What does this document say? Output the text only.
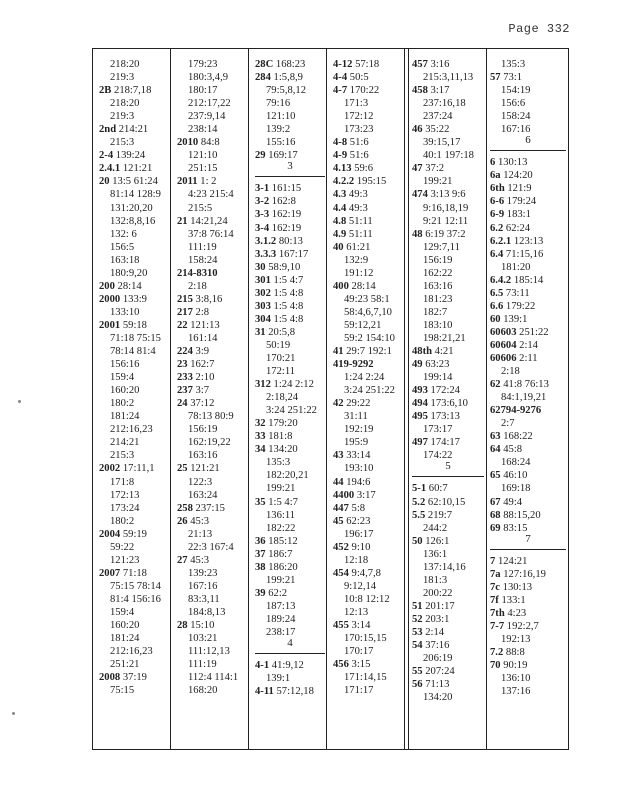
Page 332
218:20
219:3
2B 218:7,18
218:20
219:3
2nd 214:21
215:3
2-4 139:24
2.4.1 121:21
20 13:5 61:24
81:14 128:9
131:20,20
132:8,8,16
132: 6
156:5
163:18
180:9,20
200 28:14
2000 133:9
133:10
2001 59:18
71:18 75:15
78:14 81:4
156:16
159:4
160:20
180:2
181:24
212:16,23
214:21
215:3
2002 17:11,1
171:8
172:13
173:24
180:2
2004 59:19
59:22
121:23
2007 71:18
75:15 78:14
81:4 156:16
159:4
160:20
181:24
212:16,23
251:21
2008 37:19
75:15
179:23
180:3,4,9
180:17
212:17,22
237:9,14
238:14
2010 84:8
121:10
251:15
2011 1: 2
4:23 215:4
215:5
21 14:21,24
37:8 76:14
111:19
158:24
214-8310
2:18
215 3:8,16
217 2:8
22 121:13
161:14
224 3:9
23 162:7
233 2:10
237 3:7
24 37:12
78:13 80:9
156:19
162:19,22
163:16
25 121:21
122:3
163:24
258 237:15
26 45:3
21:13
22:3 167:4
27 45:3
139:23
167:16
83:3,11
184:8,13
28 15:10
103:21
111:12,13
111:19
112:4 114:1
168:20
28C 168:23
284 1:5,8,9
79:5,8,12
79:16
121:10
139:2
155:16
29 169:17
3
3-1 161:15
3-2 162:8
3-3 162:19
3-4 162:19
3.1.2 80:13
3.3.3 167:17
30 58:9,10
301 1:5 4:7
302 1:5 4:8
303 1:5 4:8
304 1:5 4:8
31 20:5,8
50:19
170:21
172:11
312 1:24 2:12
2:18,24
3:24 251:22
32 179:20
33 181:8
34 134:20
135:3
182:20,21
199:21
35 1:5 4:7
136:11
182:22
36 185:12
37 186:7
38 186:20
199:21
39 62:2
187:13
189:24
238:17
4
4-1 41:9,12
139:1
4-11 57:12,18
4-12 57:18
4-4 50:5
4-7 170:22
171:3
172:12
173:23
4-8 51:6
4-9 51:6
4.13 59:6
4.2.2 195:15
4.3 49:3
4.4 49:3
4.8 51:11
4.9 51:11
40 61:21
132:9
191:12
400 28:14
49:23 58:1
58:4,6,7,10
59:12,21
59:2 154:10
41 29:7 192:1
419-9292
1:24 2:24
3:24 251:22
42 29:22
31:11
192:19
195:9
43 33:14
193:10
44 194:6
4400 3:17
447 5:8
45 62:23
196:17
452 9:10
12:18
454 9:4,7,8
9:12,14
10:8 12:12
12:13
455 3:14
170:15,15
170:17
456 3:15
171:14,15
171:17
457 3:16
215:3,11,13
458 3:17
237:16,18
237:24
46 35:22
39:15,17
40:1 197:18
47 37:2
199:21
474 3:13 9:6
9:16,18,19
9:21 12:11
48 6:19 37:2
129:7,11
156:19
162:22
163:16
181:23
182:7
183:10
198:21,21
48th 4:21
49 63:23
199:14
493 172:24
494 173:6,10
495 173:13
173:17
497 174:17
174:22
5
5-1 60:7
5.2 62:10,15
5.5 219:7
244:2
50 126:1
136:1
137:14,16
181:3
200:22
51 201:17
52 203:1
53 2:14
54 37:16
206:19
55 207:24
56 71:13
134:20
135:3
57 73:1
154:19
156:6
158:24
167:16
6
6 130:13
6a 124:20
6th 121:9
6-6 179:24
6-9 183:1
6.2 62:24
6.2.1 123:13
6.4 71:15,16
181:20
6.4.2 185:14
6.5 73:11
6.6 179:22
60 139:1
60603 251:22
60604 2:14
60606 2:11
2:18
62 41:8 76:13
84:1,19,21
62794-9276
2:7
63 168:22
64 45:8
168:24
65 46:10
169:18
67 49:4
68 88:15,20
69 83:15
7
7 124:21
7a 127:16,19
7c 130:13
7f 133:1
7th 4:23
7-7 192:2,7
192:13
7.2 88:8
70 90:19
136:10
137:16
